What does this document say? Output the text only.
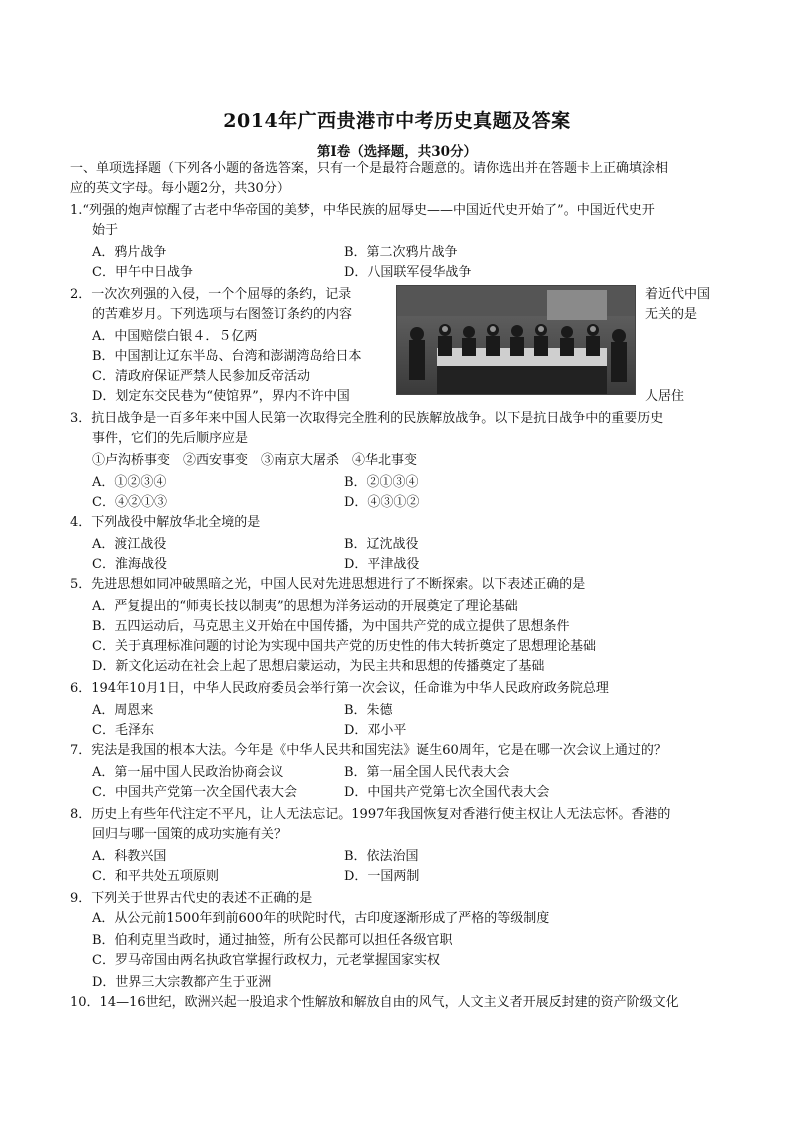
2014年广西贵港市中考历史真题及答案
第Ⅰ卷（选择题，共30分）
一、单项选择题（下列各小题的备选答案，只有一个是最符合题意的。请你选出并在答题卡上正确填涂相
应的英文字母。每小题2分，共30分）
1.“列强的炮声惊醒了古老中华帝国的美梦，中华民族的屈辱史——中国近代史开始了”。中国近代史开
始于
A．鸦片战争	B．第二次鸦片战争
C．甲午中日战争	D．八国联军侵华战争
2．一次次列强的入侵，一个个屈辱的条约，记录	着近代中国
的苦难岁月。下列选项与右图签订条约的内容	无关的是
A．中国赔偿白银４．５亿两
B．中国割让辽东半岛、台湾和澎湖湾岛给日本
C．清政府保证严禁人民参加反帝活动
D．划定东交民巷为“使馆界”，界内不许中国	人居住
3．抗日战争是一百多年来中国人民第一次取得完全胜利的民族解放战争。以下是抗日战争中的重要历史
事件，它们的先后顺序应是
①卢沟桥事变　②西安事变　③南京大屠杀　④华北事变
A．①②③④	B．②①③④
C．④②①③	D．④③①②
4．下列战役中解放华北全境的是
A．渡江战役	B．辽沈战役
C．淮海战役	D．平津战役
5．先进思想如同冲破黑暗之光，中国人民对先进思想进行了不断探索。以下表述正确的是
A．严复提出的“师夷长技以制夷”的思想为洋务运动的开展奠定了理论基础
B．五四运动后，马克思主义开始在中国传播，为中国共产党的成立提供了思想条件
C．关于真理标准问题的讨论为实现中国共产党的历史性的伟大转折奠定了思想理论基础
D．新文化运动在社会上起了思想启蒙运动，为民主共和思想的传播奠定了基础
6．194年10月1日，中华人民政府委员会举行第一次会议，任命谁为中华人民政府政务院总理
A．周恩来	B．朱德
C．毛泽东	D．邓小平
7．宪法是我国的根本大法。今年是《中华人民共和国宪法》诞生60周年，它是在哪一次会议上通过的？
A．第一届中国人民政治协商会议	B．第一届全国人民代表大会
C．中国共产党第一次全国代表大会	D．中国共产党第七次全国代表大会
8．历史上有些年代注定不平凡，让人无法忘记。1997年我国恢复对香港行使主权让人无法忘怀。香港的
回归与哪一国策的成功实施有关？
A．科教兴国	B．依法治国
C．和平共处五项原则	D．一国两制
9．下列关于世界古代史的表述不正确的是
A．从公元前1500年到前600年的吠陀时代，古印度逐渐形成了严格的等级制度
B．伯利克里当政时，通过抽签，所有公民都可以担任各级官职
C．罗马帝国由两名执政官掌握行政权力，元老掌握国家实权
D．世界三大宗教都产生于亚洲
10．14—16世纪，欧洲兴起一股追求个性解放和解放自由的风气，人文主义者开展反封建的资产阶级文化
